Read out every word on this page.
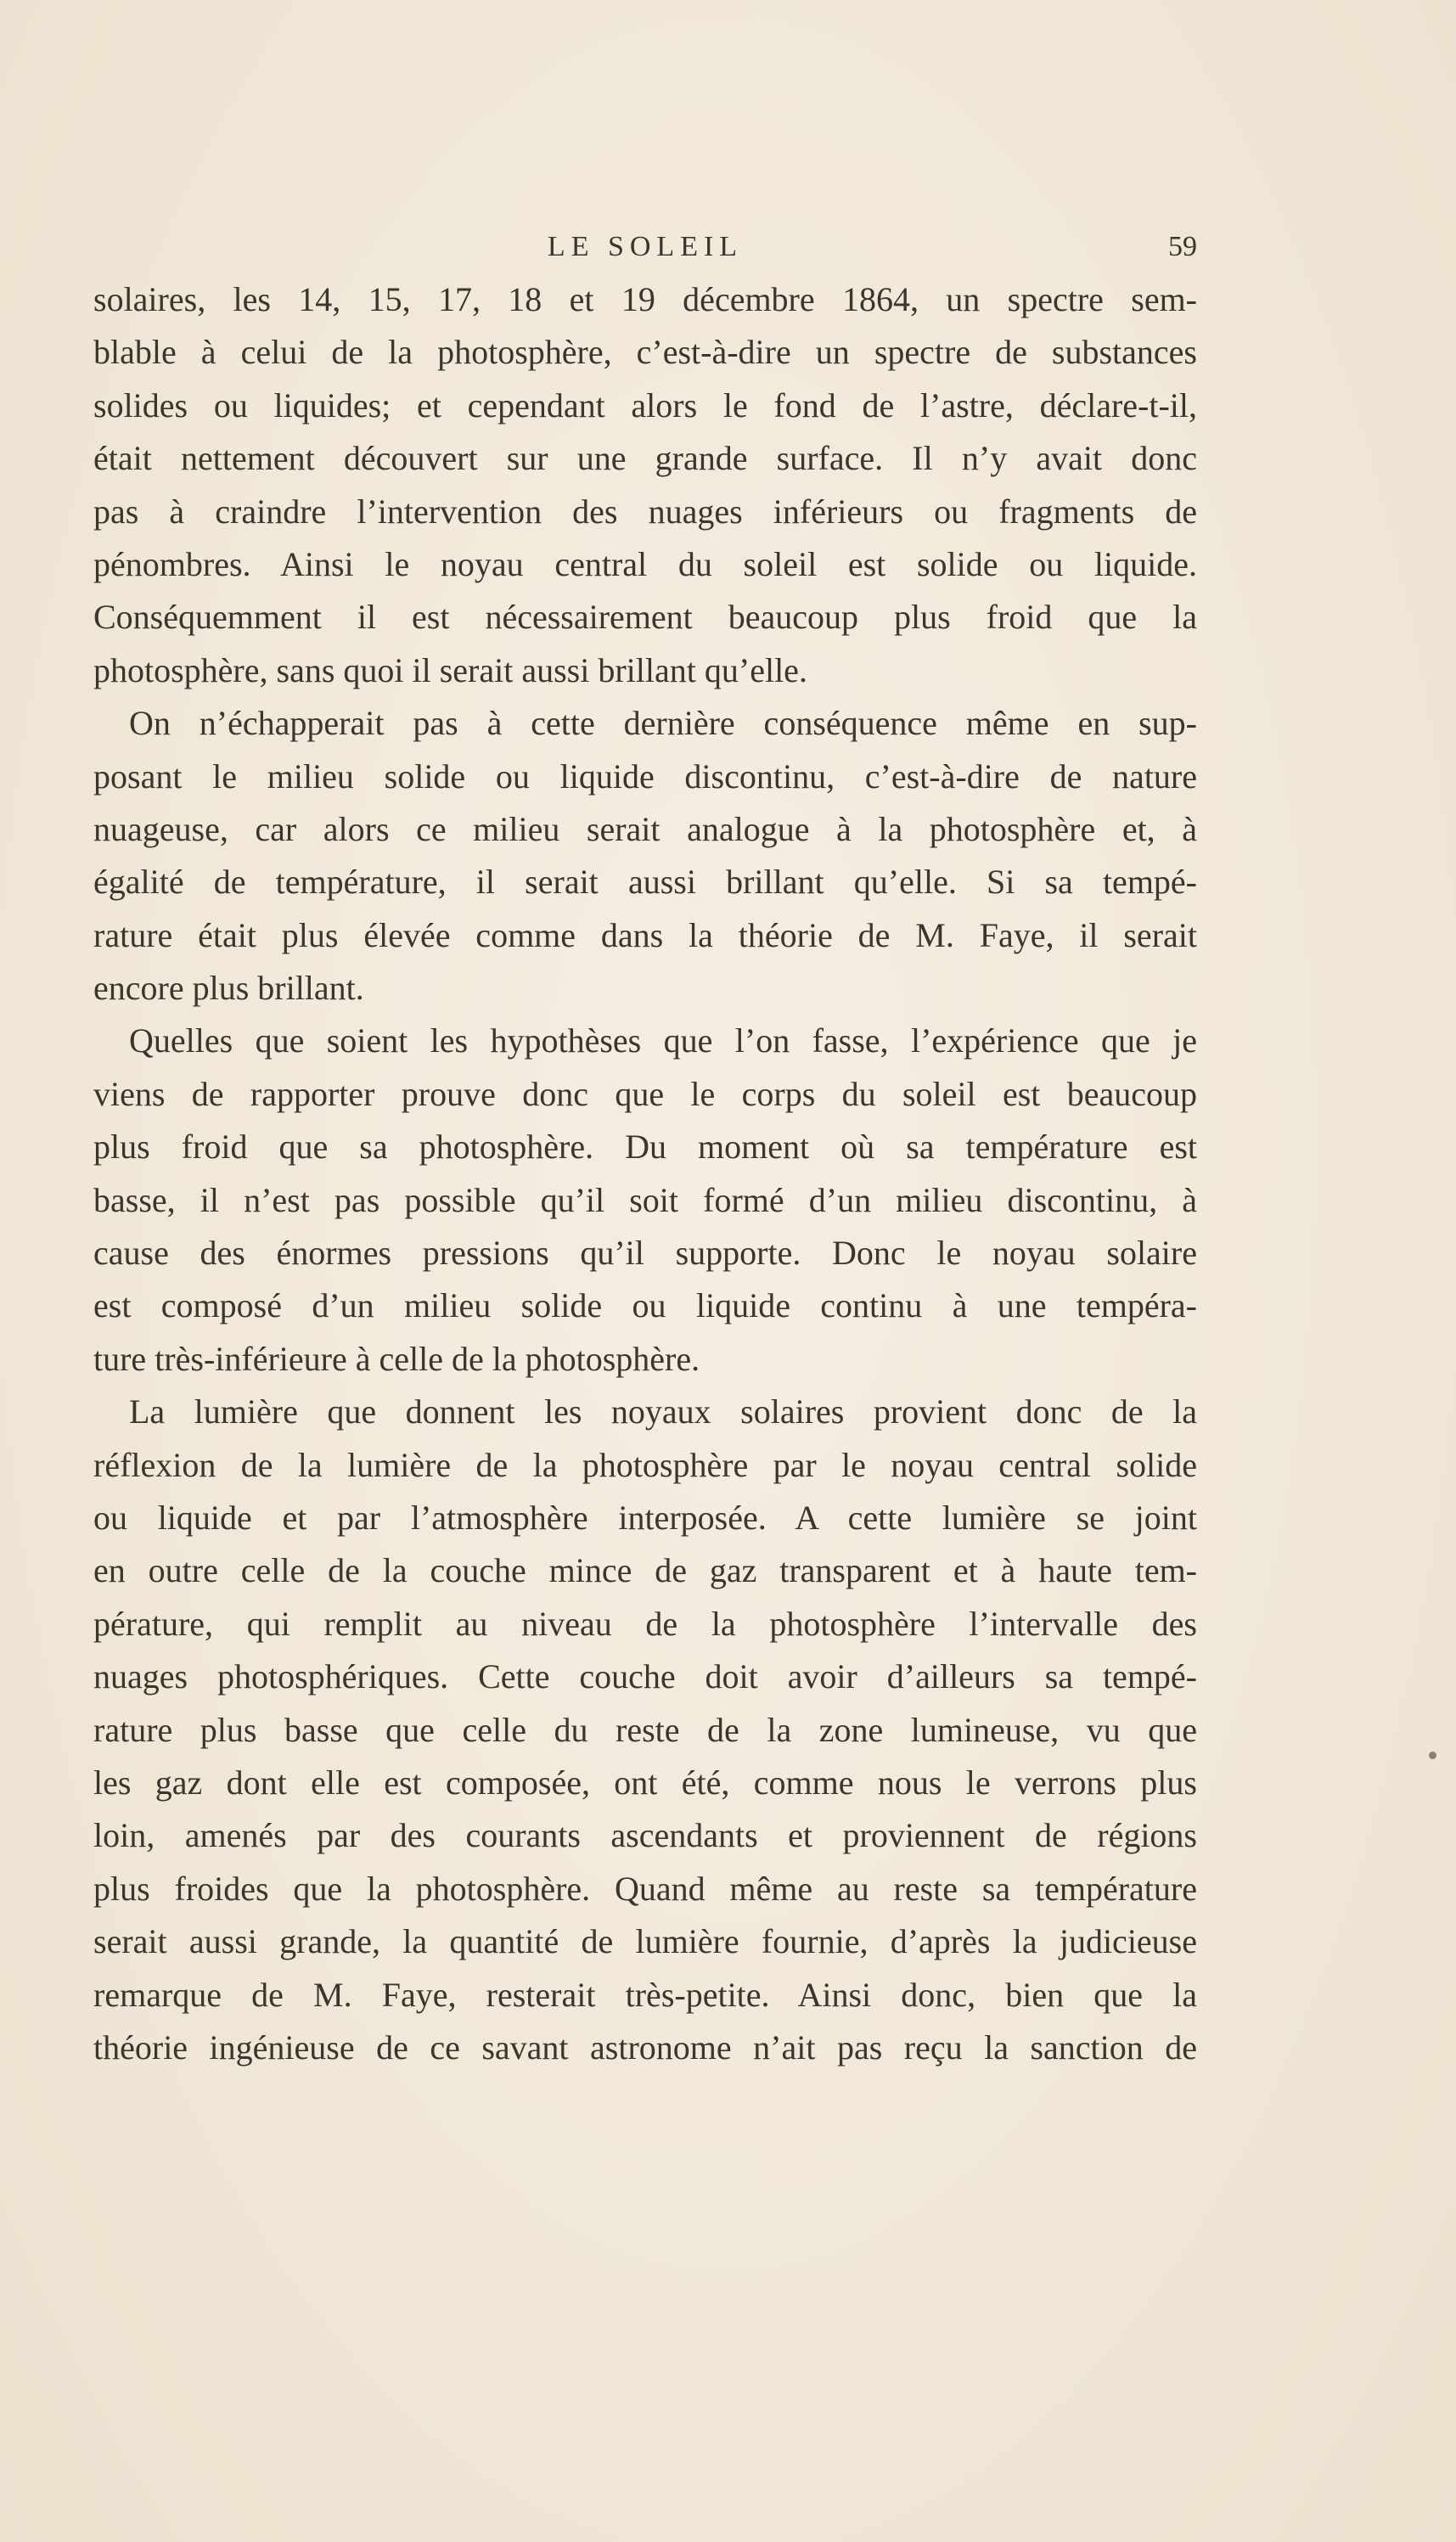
LE SOLEIL	59
solaires, les 14, 15, 17, 18 et 19 décembre 1864, un spectre sem-
blable à celui de la photosphère, c’est-à-dire un spectre de substances
solides ou liquides; et cependant alors le fond de l’astre, déclare-t-il,
était nettement découvert sur une grande surface. Il n’y avait donc
pas à craindre l’intervention des nuages inférieurs ou fragments de
pénombres. Ainsi le noyau central du soleil est solide ou liquide.
Conséquemment il est nécessairement beaucoup plus froid que la
photosphère, sans quoi il serait aussi brillant qu’elle.
On n’échapperait pas à cette dernière conséquence même en sup-
posant le milieu solide ou liquide discontinu, c’est-à-dire de nature
nuageuse, car alors ce milieu serait analogue à la photosphère et, à
égalité de température, il serait aussi brillant qu’elle. Si sa tempé-
rature était plus élevée comme dans la théorie de M. Faye, il serait
encore plus brillant.
Quelles que soient les hypothèses que l’on fasse, l’expérience que je
viens de rapporter prouve donc que le corps du soleil est beaucoup
plus froid que sa photosphère. Du moment où sa température est
basse, il n’est pas possible qu’il soit formé d’un milieu discontinu, à
cause des énormes pressions qu’il supporte. Donc le noyau solaire
est composé d’un milieu solide ou liquide continu à une tempéra-
ture très-inférieure à celle de la photosphère.
La lumière que donnent les noyaux solaires provient donc de la
réflexion de la lumière de la photosphère par le noyau central solide
ou liquide et par l’atmosphère interposée. A cette lumière se joint
en outre celle de la couche mince de gaz transparent et à haute tem-
pérature, qui remplit au niveau de la photosphère l’intervalle des
nuages photosphériques. Cette couche doit avoir d’ailleurs sa tempé-
rature plus basse que celle du reste de la zone lumineuse, vu que
les gaz dont elle est composée, ont été, comme nous le verrons plus
loin, amenés par des courants ascendants et proviennent de régions
plus froides que la photosphère. Quand même au reste sa température
serait aussi grande, la quantité de lumière fournie, d’après la judicieuse
remarque de M. Faye, resterait très-petite. Ainsi donc, bien que la
théorie ingénieuse de ce savant astronome n’ait pas reçu la sanction de
